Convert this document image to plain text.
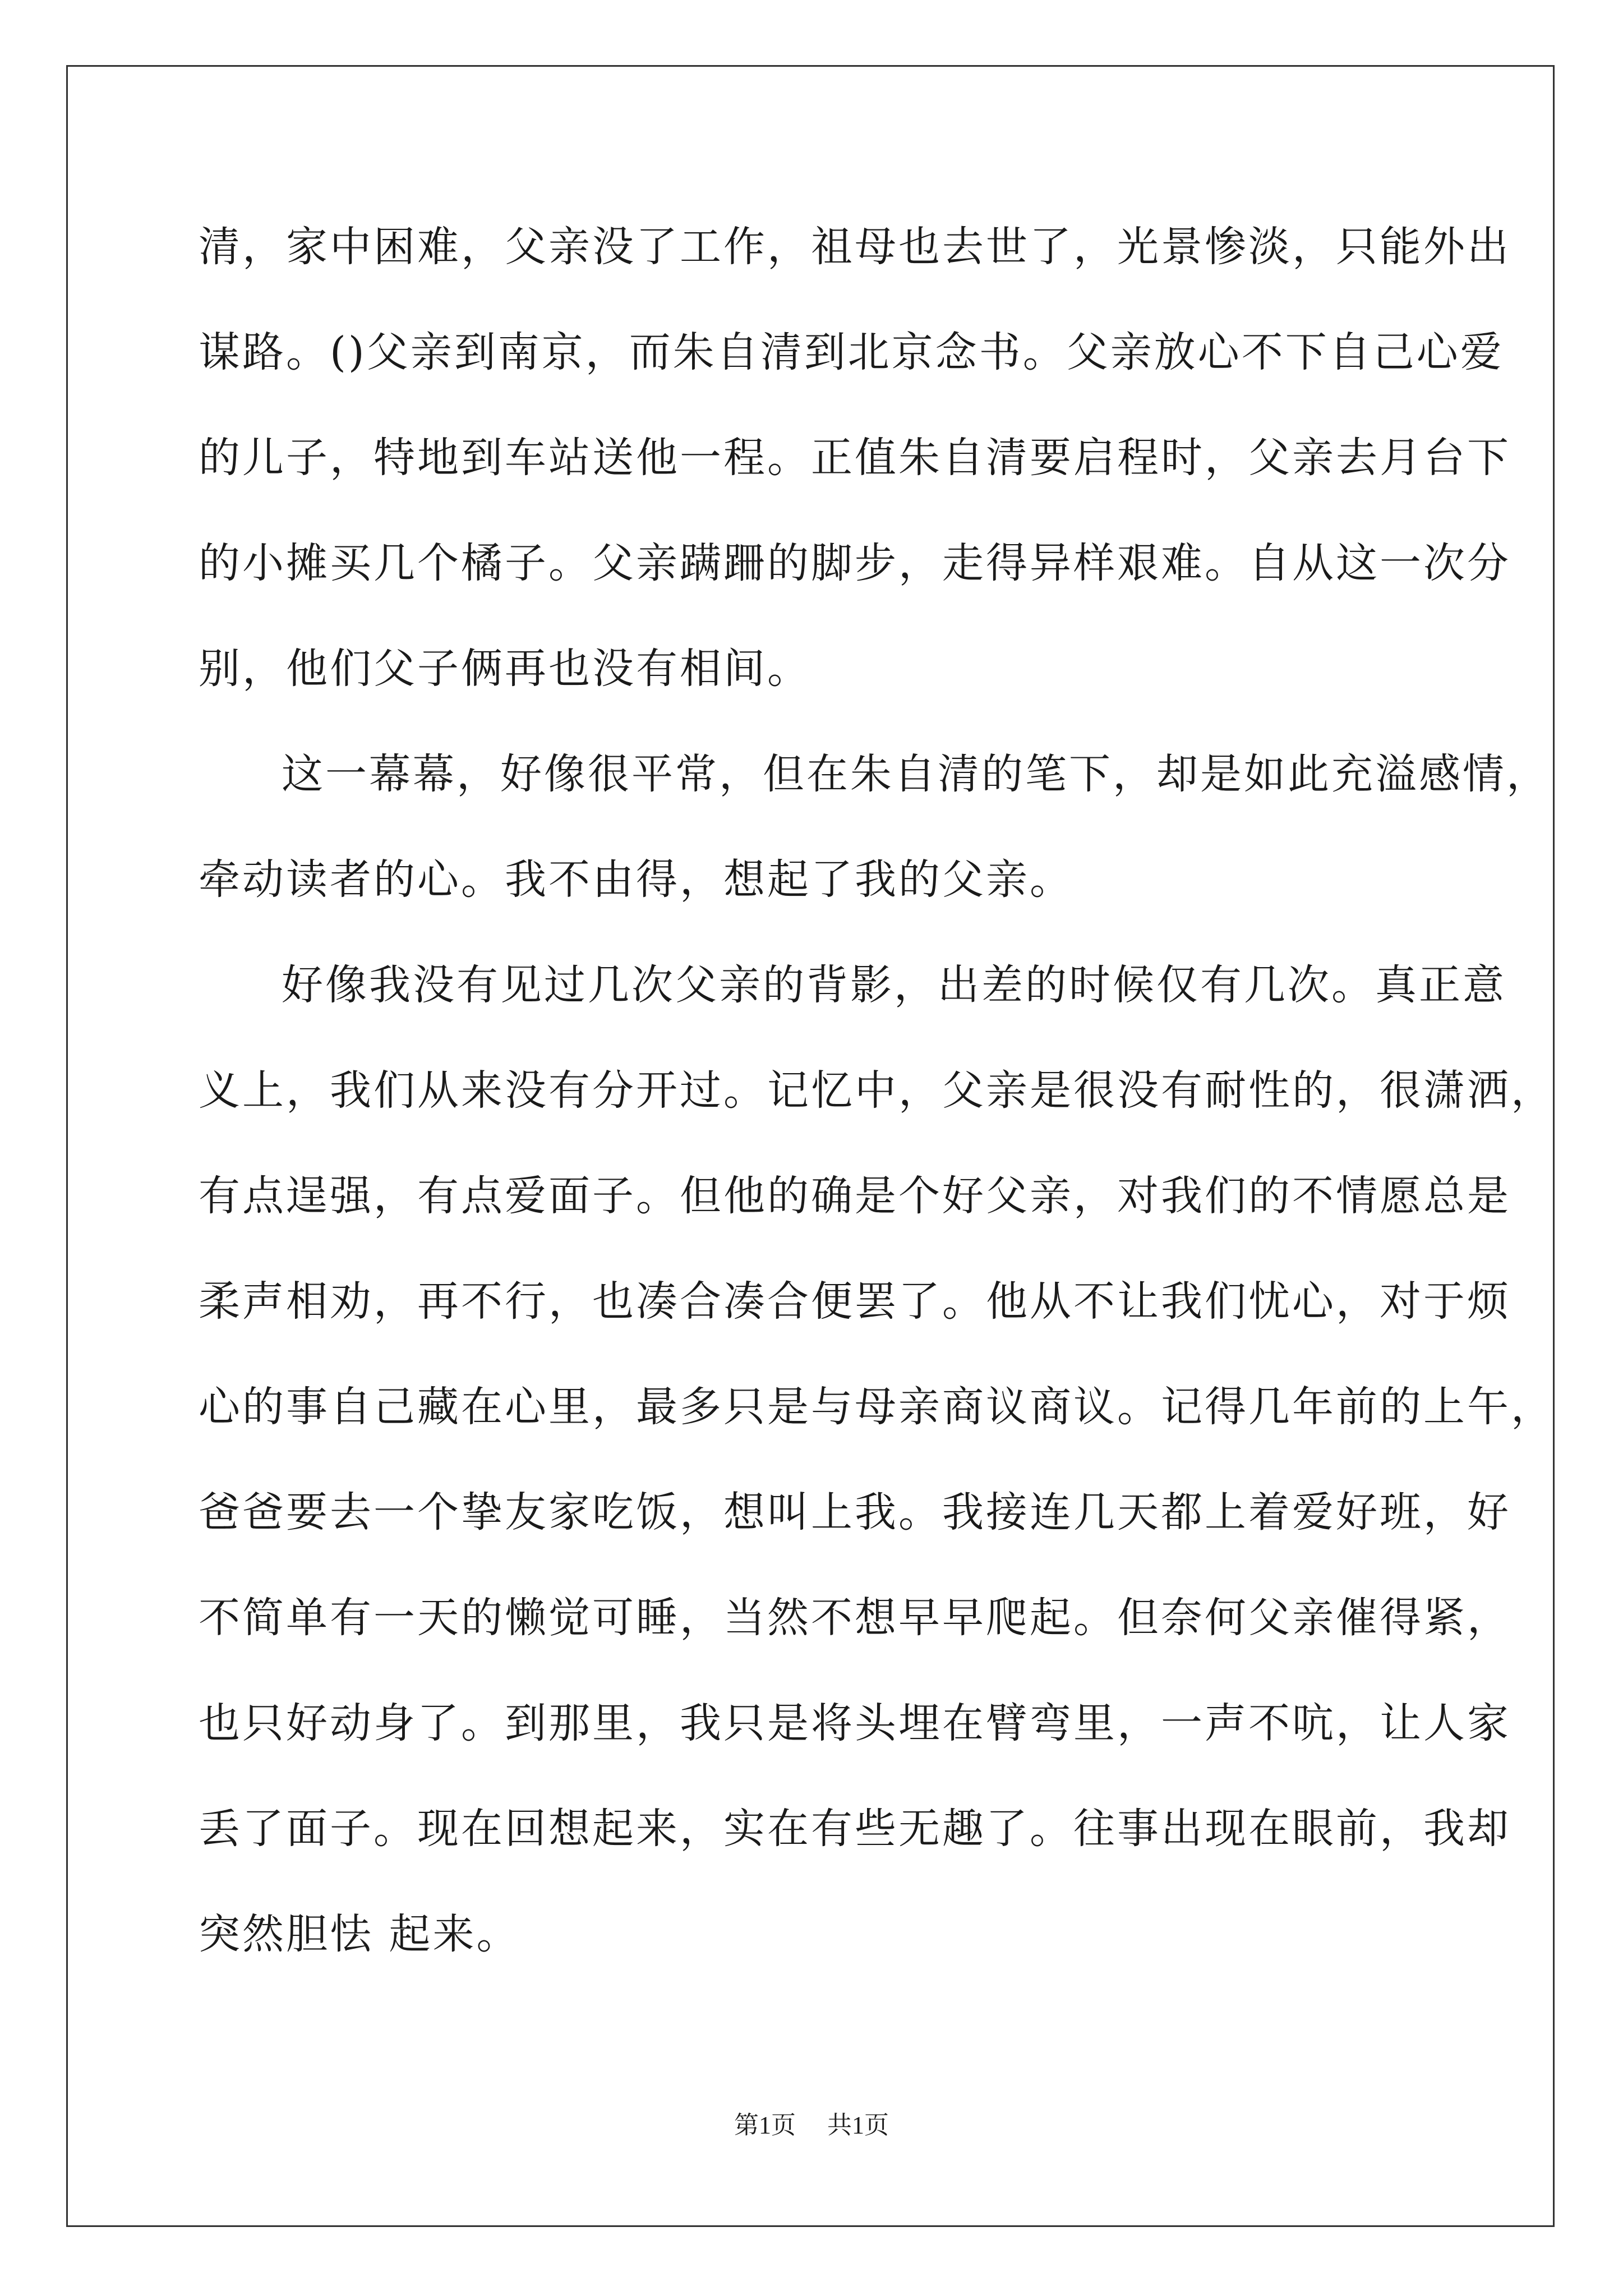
清，家中困难，父亲没了工作，祖母也去世了，光景惨淡，只能外出
谋路。()父亲到南京，而朱自清到北京念书。父亲放心不下自己心爱
的儿子，特地到车站送他一程。正值朱自清要启程时，父亲去月台下
的小摊买几个橘子。父亲蹒跚的脚步，走得异样艰难。自从这一次分
别，他们父子俩再也没有相间。
这一幕幕，好像很平常，但在朱自清的笔下，却是如此充溢感情，
牵动读者的心。我不由得，想起了我的父亲。
好像我没有见过几次父亲的背影，出差的时候仅有几次。真正意
义上，我们从来没有分开过。记忆中，父亲是很没有耐性的，很潇洒，
有点逞强，有点爱面子。但他的确是个好父亲，对我们的不情愿总是
柔声相劝，再不行，也凑合凑合便罢了。他从不让我们忧心，对于烦
心的事自己藏在心里，最多只是与母亲商议商议。记得几年前的上午，
爸爸要去一个挚友家吃饭，想叫上我。我接连几天都上着爱好班，好
不简单有一天的懒觉可睡，当然不想早早爬起。但奈何父亲催得紧，
也只好动身了。到那里，我只是将头埋在臂弯里，一声不吭，让人家
丢了面子。现在回想起来，实在有些无趣了。往事出现在眼前，我却
突然胆怯 起来。
第1页 共1页
